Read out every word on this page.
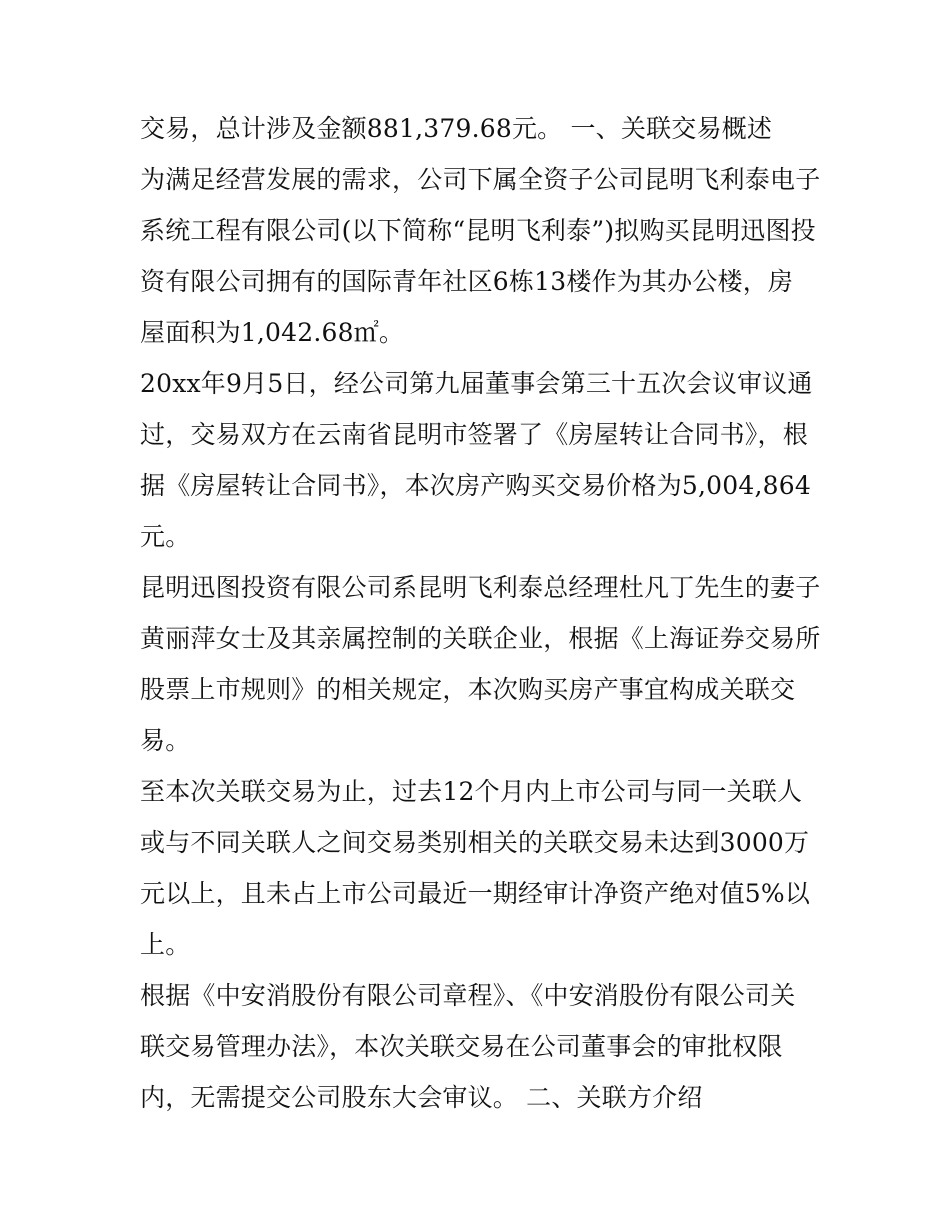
交易，总计涉及金额881,379.68元。 一、关联交易概述
为满足经营发展的需求，公司下属全资子公司昆明飞利泰电子
系统工程有限公司(以下简称“昆明飞利泰”)拟购买昆明迅图投
资有限公司拥有的国际青年社区6栋13楼作为其办公楼，房
屋面积为1,042.68㎡。
20xx年9月5日，经公司第九届董事会第三十五次会议审议通
过，交易双方在云南省昆明市签署了《房屋转让合同书》，根
据《房屋转让合同书》，本次房产购买交易价格为5,004,864
元。
昆明迅图投资有限公司系昆明飞利泰总经理杜凡丁先生的妻子
黄丽萍女士及其亲属控制的关联企业，根据《上海证券交易所
股票上市规则》的相关规定，本次购买房产事宜构成关联交
易。
至本次关联交易为止，过去12个月内上市公司与同一关联人
或与不同关联人之间交易类别相关的关联交易未达到3000万
元以上，且未占上市公司最近一期经审计净资产绝对值5%以
上。
根据《中安消股份有限公司章程》、《中安消股份有限公司关
联交易管理办法》，本次关联交易在公司董事会的审批权限
内，无需提交公司股东大会审议。 二、关联方介绍
